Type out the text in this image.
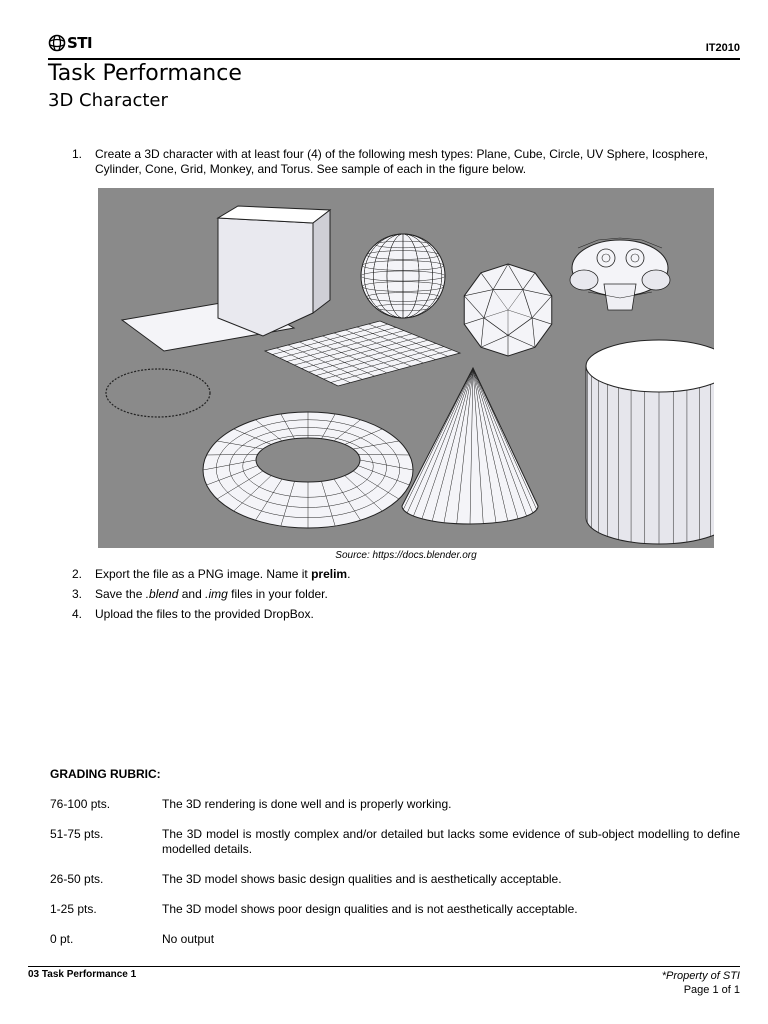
STI	IT2010
Task Performance
3D Character
1. Create a 3D character with at least four (4) of the following mesh types: Plane, Cube, Circle, UV Sphere, Icosphere, Cylinder, Cone, Grid, Monkey, and Torus. See sample of each in the figure below.
Source: https://docs.blender.org
2. Export the file as a PNG image. Name it prelim.
3. Save the .blend and .img files in your folder.
4. Upload the files to the provided DropBox.
GRADING RUBRIC:
76-100 pts.	The 3D rendering is done well and is properly working.
51-75 pts.	The 3D model is mostly complex and/or detailed but lacks some evidence of sub-object modelling to define modelled details.
26-50 pts.	The 3D model shows basic design qualities and is aesthetically acceptable.
1-25 pts.	The 3D model shows poor design qualities and is not aesthetically acceptable.
0 pt.	No output
03 Task Performance 1	*Property of STI
Page 1 of 1
